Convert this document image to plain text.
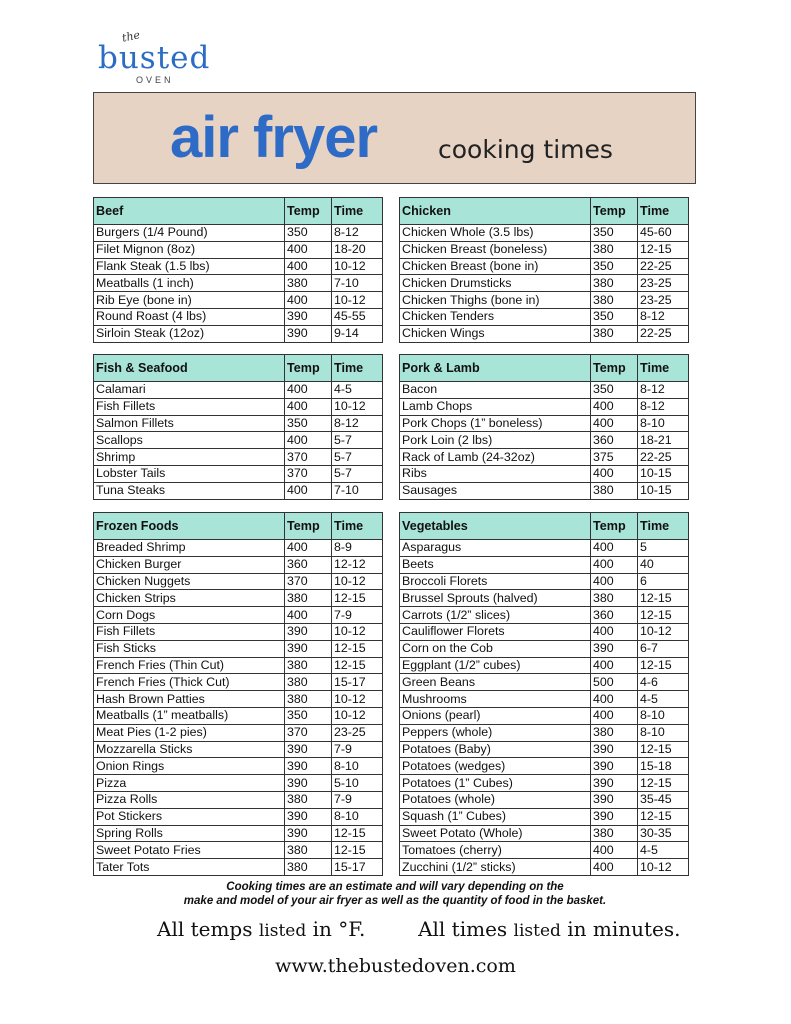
the
busted
OVEN
air fryer cooking times
Beef	Temp	Time
Burgers (1/4 Pound)	350	8-12
Filet Mignon (8oz)	400	18-20
Flank Steak (1.5 lbs)	400	10-12
Meatballs (1 inch)	380	7-10
Rib Eye (bone in)	400	10-12
Round Roast (4 lbs)	390	45-55
Sirloin Steak (12oz)	390	9-14
Chicken	Temp	Time
Chicken Whole (3.5 lbs)	350	45-60
Chicken Breast (boneless)	380	12-15
Chicken Breast (bone in)	350	22-25
Chicken Drumsticks	380	23-25
Chicken Thighs (bone in)	380	23-25
Chicken Tenders	350	8-12
Chicken Wings	380	22-25
Fish & Seafood	Temp	Time
Calamari	400	4-5
Fish Fillets	400	10-12
Salmon Fillets	350	8-12
Scallops	400	5-7
Shrimp	370	5-7
Lobster Tails	370	5-7
Tuna Steaks	400	7-10
Pork & Lamb	Temp	Time
Bacon	350	8-12
Lamb Chops	400	8-12
Pork Chops (1” boneless)	400	8-10
Pork Loin (2 lbs)	360	18-21
Rack of Lamb (24-32oz)	375	22-25
Ribs	400	10-15
Sausages	380	10-15
Frozen Foods	Temp	Time
Breaded Shrimp	400	8-9
Chicken Burger	360	12-12
Chicken Nuggets	370	10-12
Chicken Strips	380	12-15
Corn Dogs	400	7-9
Fish Fillets	390	10-12
Fish Sticks	390	12-15
French Fries (Thin Cut)	380	12-15
French Fries (Thick Cut)	380	15-17
Hash Brown Patties	380	10-12
Meatballs (1” meatballs)	350	10-12
Meat Pies (1-2 pies)	370	23-25
Mozzarella Sticks	390	7-9
Onion Rings	390	8-10
Pizza	390	5-10
Pizza Rolls	380	7-9
Pot Stickers	390	8-10
Spring Rolls	390	12-15
Sweet Potato Fries	380	12-15
Tater Tots	380	15-17
Vegetables	Temp	Time
Asparagus	400	5
Beets	400	40
Broccoli Florets	400	6
Brussel Sprouts (halved)	380	12-15
Carrots (1/2” slices)	360	12-15
Cauliflower Florets	400	10-12
Corn on the Cob	390	6-7
Eggplant (1/2” cubes)	400	12-15
Green Beans	500	4-6
Mushrooms	400	4-5
Onions (pearl)	400	8-10
Peppers (whole)	380	8-10
Potatoes (Baby)	390	12-15
Potatoes (wedges)	390	15-18
Potatoes (1” Cubes)	390	12-15
Potatoes (whole)	390	35-45
Squash (1” Cubes)	390	12-15
Sweet Potato (Whole)	380	30-35
Tomatoes (cherry)	400	4-5
Zucchini (1/2” sticks)	400	10-12
Cooking times are an estimate and will vary depending on the
make and model of your air fryer as well as the quantity of food in the basket.
All temps listed in °F.	All times listed in minutes.
www.thebustedoven.com
